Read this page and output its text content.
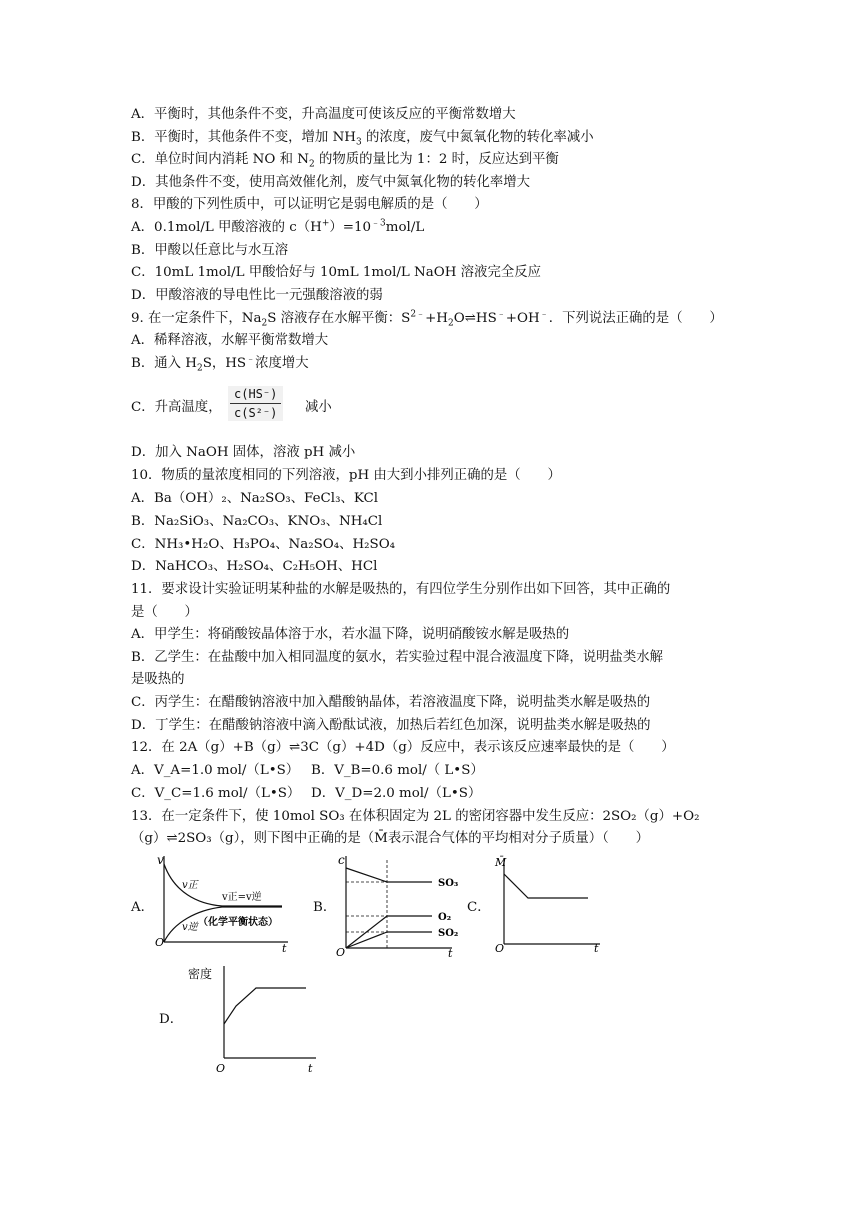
A．平衡时，其他条件不变，升高温度可使该反应的平衡常数增大
B．平衡时，其他条件不变，增加 $NH_3$ 的浓度，废气中氮氧化物的转化率减小
C．单位时间内消耗 NO 和 $N_2$ 的物质的量比为 1：2 时，反应达到平衡
D．其他条件不变，使用高效催化剂，废气中氮氧化物的转化率增大
8．甲酸的下列性质中，可以证明它是弱电解质的是（　　）
A．0.1mol/L 甲酸溶液的 $c(H^+)=10^{﹣3}mol/L$
B．甲酸以任意比与水互溶
C．10mL 1mol/L 甲酸恰好与 10mL 1mol/L NaOH 溶液完全反应
D．甲酸溶液的导电性比一元强酸溶液的弱
9. 在一定条件下，$Na_2S$ 溶液存在水解平衡：$S^{2﹣}+H_2O\rightleftharpoons HS^﹣+OH^﹣$．下列说法正确的是（　　）
A．稀释溶液，水解平衡常数增大
B．通入 $H_2S$，HS﹣浓度增大
C．升高温度， $\frac{c(HS^-)}{\text{c(S²⁻)}}$ 减小
D．加入 NaOH 固体，溶液 pH 减小
10．物质的量浓度相同的下列溶液，pH 由大到小排列正确的是（　　）
A．Ba（OH）₂、Na₂SO₃、FeCl₃、KCl
B．Na₂SiO₃、Na₂CO₃、KNO₃、NH₄Cl
C．NH₃•H₂O、H₃PO₄、Na₂SO₄、H₂SO₄
D．NaHCO₃、H₂SO₄、C₂H₅OH、HCl
11．要求设计实验证明某种盐的水解是吸热的，有四位学生分别作出如下回答，其中正确的
是（　　）
A．甲学生：将硝酸铵晶体溶于水，若水温下降，说明硝酸铵水解是吸热的
B．乙学生：在盐酸中加入相同温度的氨水，若实验过程中混合液温度下降，说明盐类水解
是吸热的
C．丙学生：在醋酸钠溶液中加入醋酸钠晶体，若溶液温度下降，说明盐类水解是吸热的
D．丁学生：在醋酸钠溶液中滴入酚酞试液，加热后若红色加深，说明盐类水解是吸热的
12．在 2A（g）+B（g）⇌3C（g）+4D（g）反应中，表示该反应速率最快的是（　　）
A．V_A=1.0 mol/（L•S） B．V_B=0.6 mol/（ L•S）
C．V_C=1.6 mol/（L•S） D．V_D=2.0 mol/（L•S）
13．在一定条件下，使 10mol SO₃ 在体积固定为 2L 的密闭容器中发生反应：2SO₂（g）+O₂
（g）⇌2SO₃（g），则下图中正确的是（M̄表示混合气体的平均相对分子质量）（　　）
A．	B．	C．
D．
v
t
O
v正
v逆
v正=v逆
（化学平衡状态）
c
t
O
SO₃
O₂
SO₂
M̄
t
O
密度
t
O
